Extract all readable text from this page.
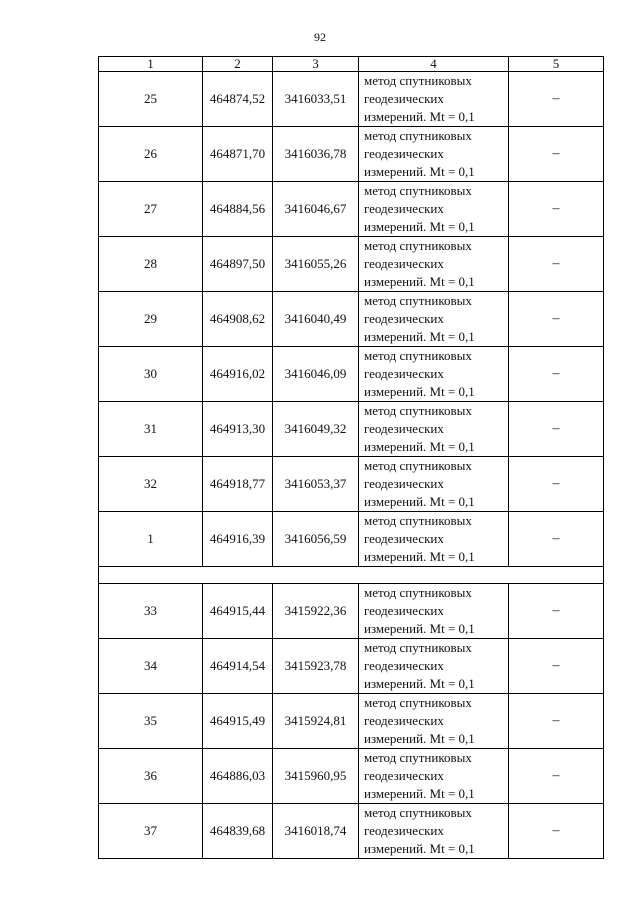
92
1	2	3	4	5
25	464874,52	3416033,51	метод спутниковых
геодезических
измерений. Mt = 0,1	–
26	464871,70	3416036,78	метод спутниковых
геодезических
измерений. Mt = 0,1	–
27	464884,56	3416046,67	метод спутниковых
геодезических
измерений. Mt = 0,1	–
28	464897,50	3416055,26	метод спутниковых
геодезических
измерений. Mt = 0,1	–
29	464908,62	3416040,49	метод спутниковых
геодезических
измерений. Mt = 0,1	–
30	464916,02	3416046,09	метод спутниковых
геодезических
измерений. Mt = 0,1	–
31	464913,30	3416049,32	метод спутниковых
геодезических
измерений. Mt = 0,1	–
32	464918,77	3416053,37	метод спутниковых
геодезических
измерений. Mt = 0,1	–
1	464916,39	3416056,59	метод спутниковых
геодезических
измерений. Mt = 0,1	–

33	464915,44	3415922,36	метод спутниковых
геодезических
измерений. Mt = 0,1	–
34	464914,54	3415923,78	метод спутниковых
геодезических
измерений. Mt = 0,1	–
35	464915,49	3415924,81	метод спутниковых
геодезических
измерений. Mt = 0,1	–
36	464886,03	3415960,95	метод спутниковых
геодезических
измерений. Mt = 0,1	–
37	464839,68	3416018,74	метод спутниковых
геодезических
измерений. Mt = 0,1	–
